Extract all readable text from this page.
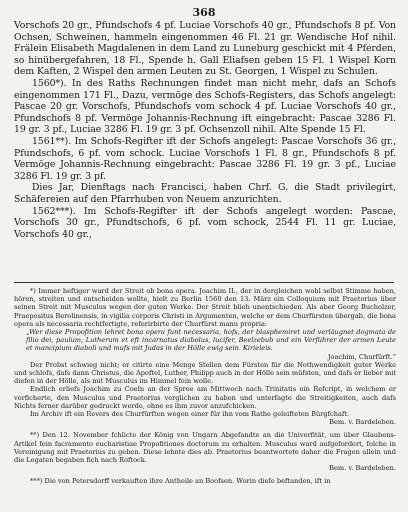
368

Vorschofs 20 gr., Pfundschofs 4 pf. Luciae Vorschofs 40 gr., Pfundschofs 8 pf. Von Ochsen, Schweinen, hammeln eingenommen 46 Fl. 21 gr. Wendische Hof nihil. Frälein Elisabeth Magdalenen in dem Land zu Luneburg geschickt mit 4 Pferden, so hinübergefahren, 18 Fl., Spende h. Gall Eliafsen geben 15 Fl. 1 Wispel Korn dem Kaften, 2 Wispel den armen Leuten zu St. Georgen, 1 Wispel zu Schulen.

1560*). In des Raths Rechnungen findet man nicht mehr, dafs an Schofs eingenommen 171 Fl., Dazu, vermöge des Schofs-Registers, das Schofs angelegt: Pascae 20 gr. Vorschofs, Pfundschofs vom schock 4 pf. Luciae Vorschofs 40 gr., Pfundschofs 8 pf. Vermöge Johannis-Rechnung ift eingebracht: Pascae 3286 Fl. 19 gr. 3 pf., Luciae 3286 Fl. 19 gr. 3 pf. Ochsenzoll nihil. Alte Spende 15 Fl.

1561**). Im Schofs-Regifter ift der Schofs angelegt: Pascae Vorschofs 36 gr., Pfundschofs, 6 pf. vom schock. Luciae Vorschofs 1 Fl. 8 gr., Pfundschofs 8 pf. Vermöge Johannis-Rechnung eingebracht: Pascae 3286 Fl. 19 gr. 3 pf., Luciae 3286 Fl. 19 gr. 3 pf.

Dies Jar, Dienftags nach Francisci, haben Chrf. G. die Stadt privilegirt, Schäfereien auf den Pfarrhuben von Neuem anzurichten.

1562***). Im Schofs-Regifter ift der Schofs angelegt worden: Pascae, Vorschofs 30 gr., Pfundtschofs, 6 pf. vom schock, 2544 Fl. 11 gr. Luciae, Vorschofs 40 gr.,

*) Immer heftiger ward der Streit ob bona opera. Joachim II., der in dergleichen wohl selbst Stimme haben, hören, streiten und entscheiden wollte, hielt zu Berlin 1560 den 13. März ein Colloquium mit Praetorius über seinen Streit mit Musculus wegen der guten Werke. Der Streit blieb unentschieden. Als aber Georg Bucholzer, Praepositus Berolinensis, in vigilia corporis Christi in Argumenten, welche er dem Churfürsten übergab, die bona opera als necessaria rechtfertigte, referirbirte der Churfürst manu propria:

„Wer diese Propofition lehret bona opera funt necessaria, hofs, der blasphemiret und verläugnet dogmata de filio dei, paulum, Lutherum et eft incarnatus diabolus, lucifer, Beelzebub und ein Verführer der armen Leute et mancipium diaboli und mufs mit Judas in der Hölle ewig sein. Kirieleis.

Joachim, Churfürft.“

Der Probst schwieg nicht; er citirte eine Menge Stellen dem Fürsten für die Nothwendigkeit guter Werke und schlofs, dafs dann Christus, die Apoftel, Luther, Philipp auch in der Hölle sein müfsten, und dafs er lieber mit diefen in der Hölle, als mit Musculus im Himmel fein wolle.

Endlich erliefs Joachim zu Coeln an der Spree am Mittwoch nach Trinitatis ein Refcript, in welchem er verficherte, den Musculus und Praetorius verglichen zu haben und unterfagte die Streitigkeiten, auch dafs Nichts ferner darüber gedruckt werde, ohne es ihm zuvor anzufchicken.

Im Archiv ift ein Revers des Churfürften wegen einer für ihn vom Rathe geleifteten Bürgfchaft.

Bem. v. Bardeleben.

**) Den 12. November fchlicte der König von Ungarn Abgefandte an die Univerfität, um über Glaubens-Artikel fein facramento eucharistiae Propofitiones doctorum zu erhalten. Musculus ward aufgefordert, folche in Vereinigung mit Praetorius zu geben. Diese lehnte dies ab. Praetorius beantwortete daher die Fragen allein und die Legaten begaben fich nach Roftock.

Bem. v. Bardeleben.

***) Die von Petersdorff verkauften ihre Antheile an Boofsen. Worin diefe beftanden, ift in
